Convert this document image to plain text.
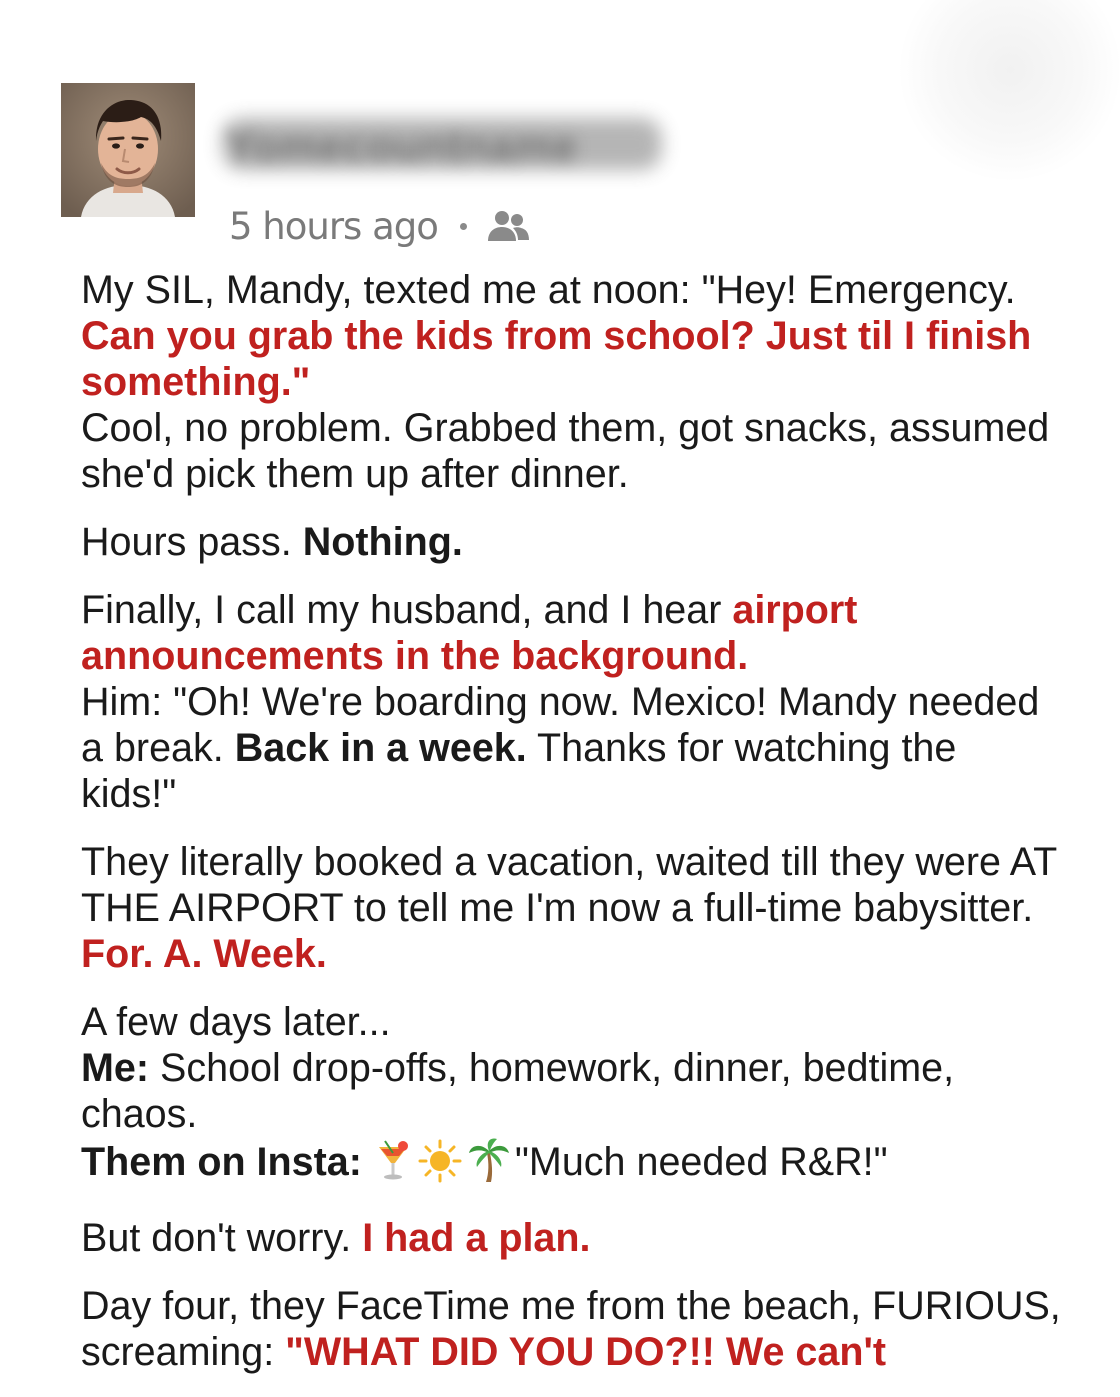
Yomecountname
5 hours ago

My SIL, Mandy, texted me at noon: "Hey! Emergency. Can you grab the kids from school? Just til I finish something."
Cool, no problem. Grabbed them, got snacks, assumed she'd pick them up after dinner.

Hours pass. Nothing.

Finally, I call my husband, and I hear airport announcements in the background.
Him: "Oh! We're boarding now. Mexico! Mandy needed a break. Back in a week. Thanks for watching the kids!"

They literally booked a vacation, waited till they were AT THE AIRPORT to tell me I'm now a full-time babysitter. For. A. Week.

A few days later...
Me: School drop-offs, homework, dinner, bedtime, chaos.
Them on Insta:	"Much needed R&R!"

But don't worry. I had a plan.

Day four, they FaceTime me from the beach, FURIOUS, screaming: "WHAT DID YOU DO?!! We can't
